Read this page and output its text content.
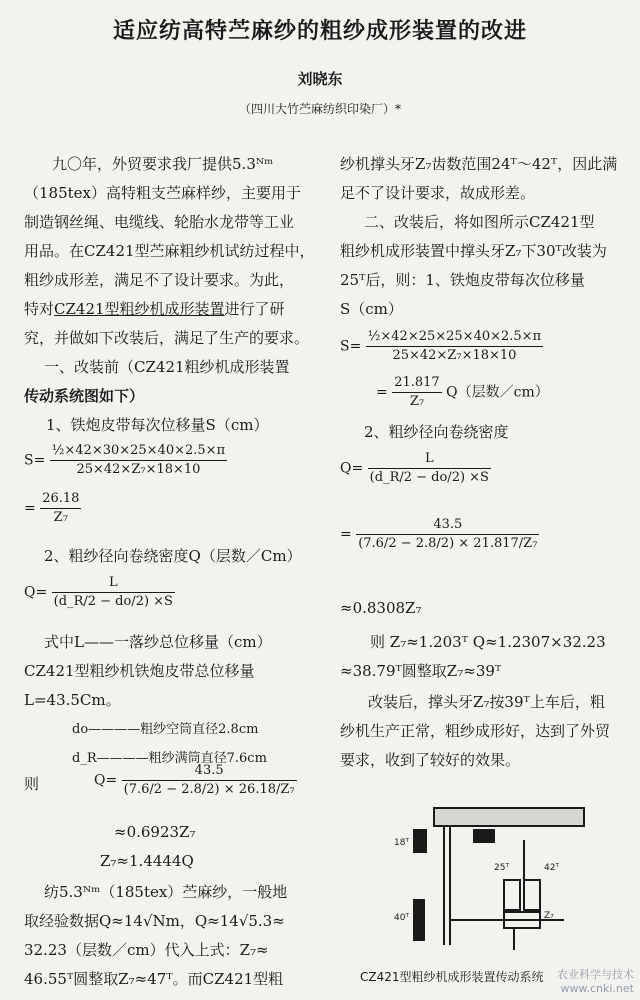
适应纺高特苎麻纱的粗纱成形装置的改进
刘晓东
（四川大竹苎麻纺织印染厂）*
九〇年，外贸要求我厂提供5.3ᴺᵐ
（185tex）高特粗支苎麻样纱，主要用于
制造钢丝绳、电缆线、轮胎水龙带等工业
用品。在CZ421型苎麻粗纱机试纺过程中，
粗纱成形差，满足不了设计要求。为此，
特对CZ421型粗纱机成形装置进行了研
究，并做如下改装后，满足了生产的要求。
一、改装前（CZ421粗纱机成形装置
传动系统图如下）
1、铁炮皮带每次位移量S（cm）
$S= \frac{\text{½×42×30×25×40×2.5×π}}{\text{25×42×Z₇×18×10}}$
= $\frac{26.18}{\text{Z₇}}$
2、粗纱径向卷绕密度Q（层数／Cm）
$Q= \frac{L}{(d\_R/2 - do/2) \times S}$
式中L——一落纱总位移量（cm）
CZ421型粗纱机铁炮皮带总位移量
L=43.5Cm。
do————粗纱空筒直径2.8cm
d_R————粗纱满筒直径7.6cm
则	$Q= \frac{43.5}{\text{(7.6/2 − 2.8/2) × 26.18/Z₇}}$
≈0.6923Z₇
Z₇≈1.4444Q
纺5.3ᴺᵐ（185tex）苎麻纱，一般地
取经验数据Q≈14√Nm，Q≈14√5.3≈
32.23（层数／cm）代入上式：Z₇≈
46.55ᵀ圆整取Z₇≈47ᵀ。而CZ421型粗
纱机撑头牙Z₇齿数范围24ᵀ～42ᵀ，因此满
足不了设计要求，故成形差。
二、改装后，将如图所示CZ421型
粗纱机成形装置中撑头牙Z₇下30ᵀ改装为
25ᵀ后，则：1、铁炮皮带每次位移量
S（cm）
$S= \frac{\text{½×42×25×25×40×2.5×π}}{\text{25×42×Z₇×18×10}}$
= $\frac{21.817}{\text{Z₇}} Q$（层数／cm）
2、粗纱径向卷绕密度
$Q= \frac{L}{(d\_R/2 - do/2) \times S}$
= $\frac{43.5}{\text{(7.6/2 − 2.8/2) × 21.817/Z₇}}$
≈0.8308Z₇
则 Z₇≈1.203ᵀ Q≈1.2307×32.23
≈38.79ᵀ圆整取Z₇≈39ᵀ
改装后，撑头牙Z₇按39ᵀ上车后，粗
纱机生产正常，粗纱成形好，达到了外贸
要求，收到了较好的效果。
18ᵀ
40ᵀ
42ᵀ
25ᵀ
Z₇
CZ421型粗纱机成形装置传动系统	农业科学与技术
www.cnki.net
